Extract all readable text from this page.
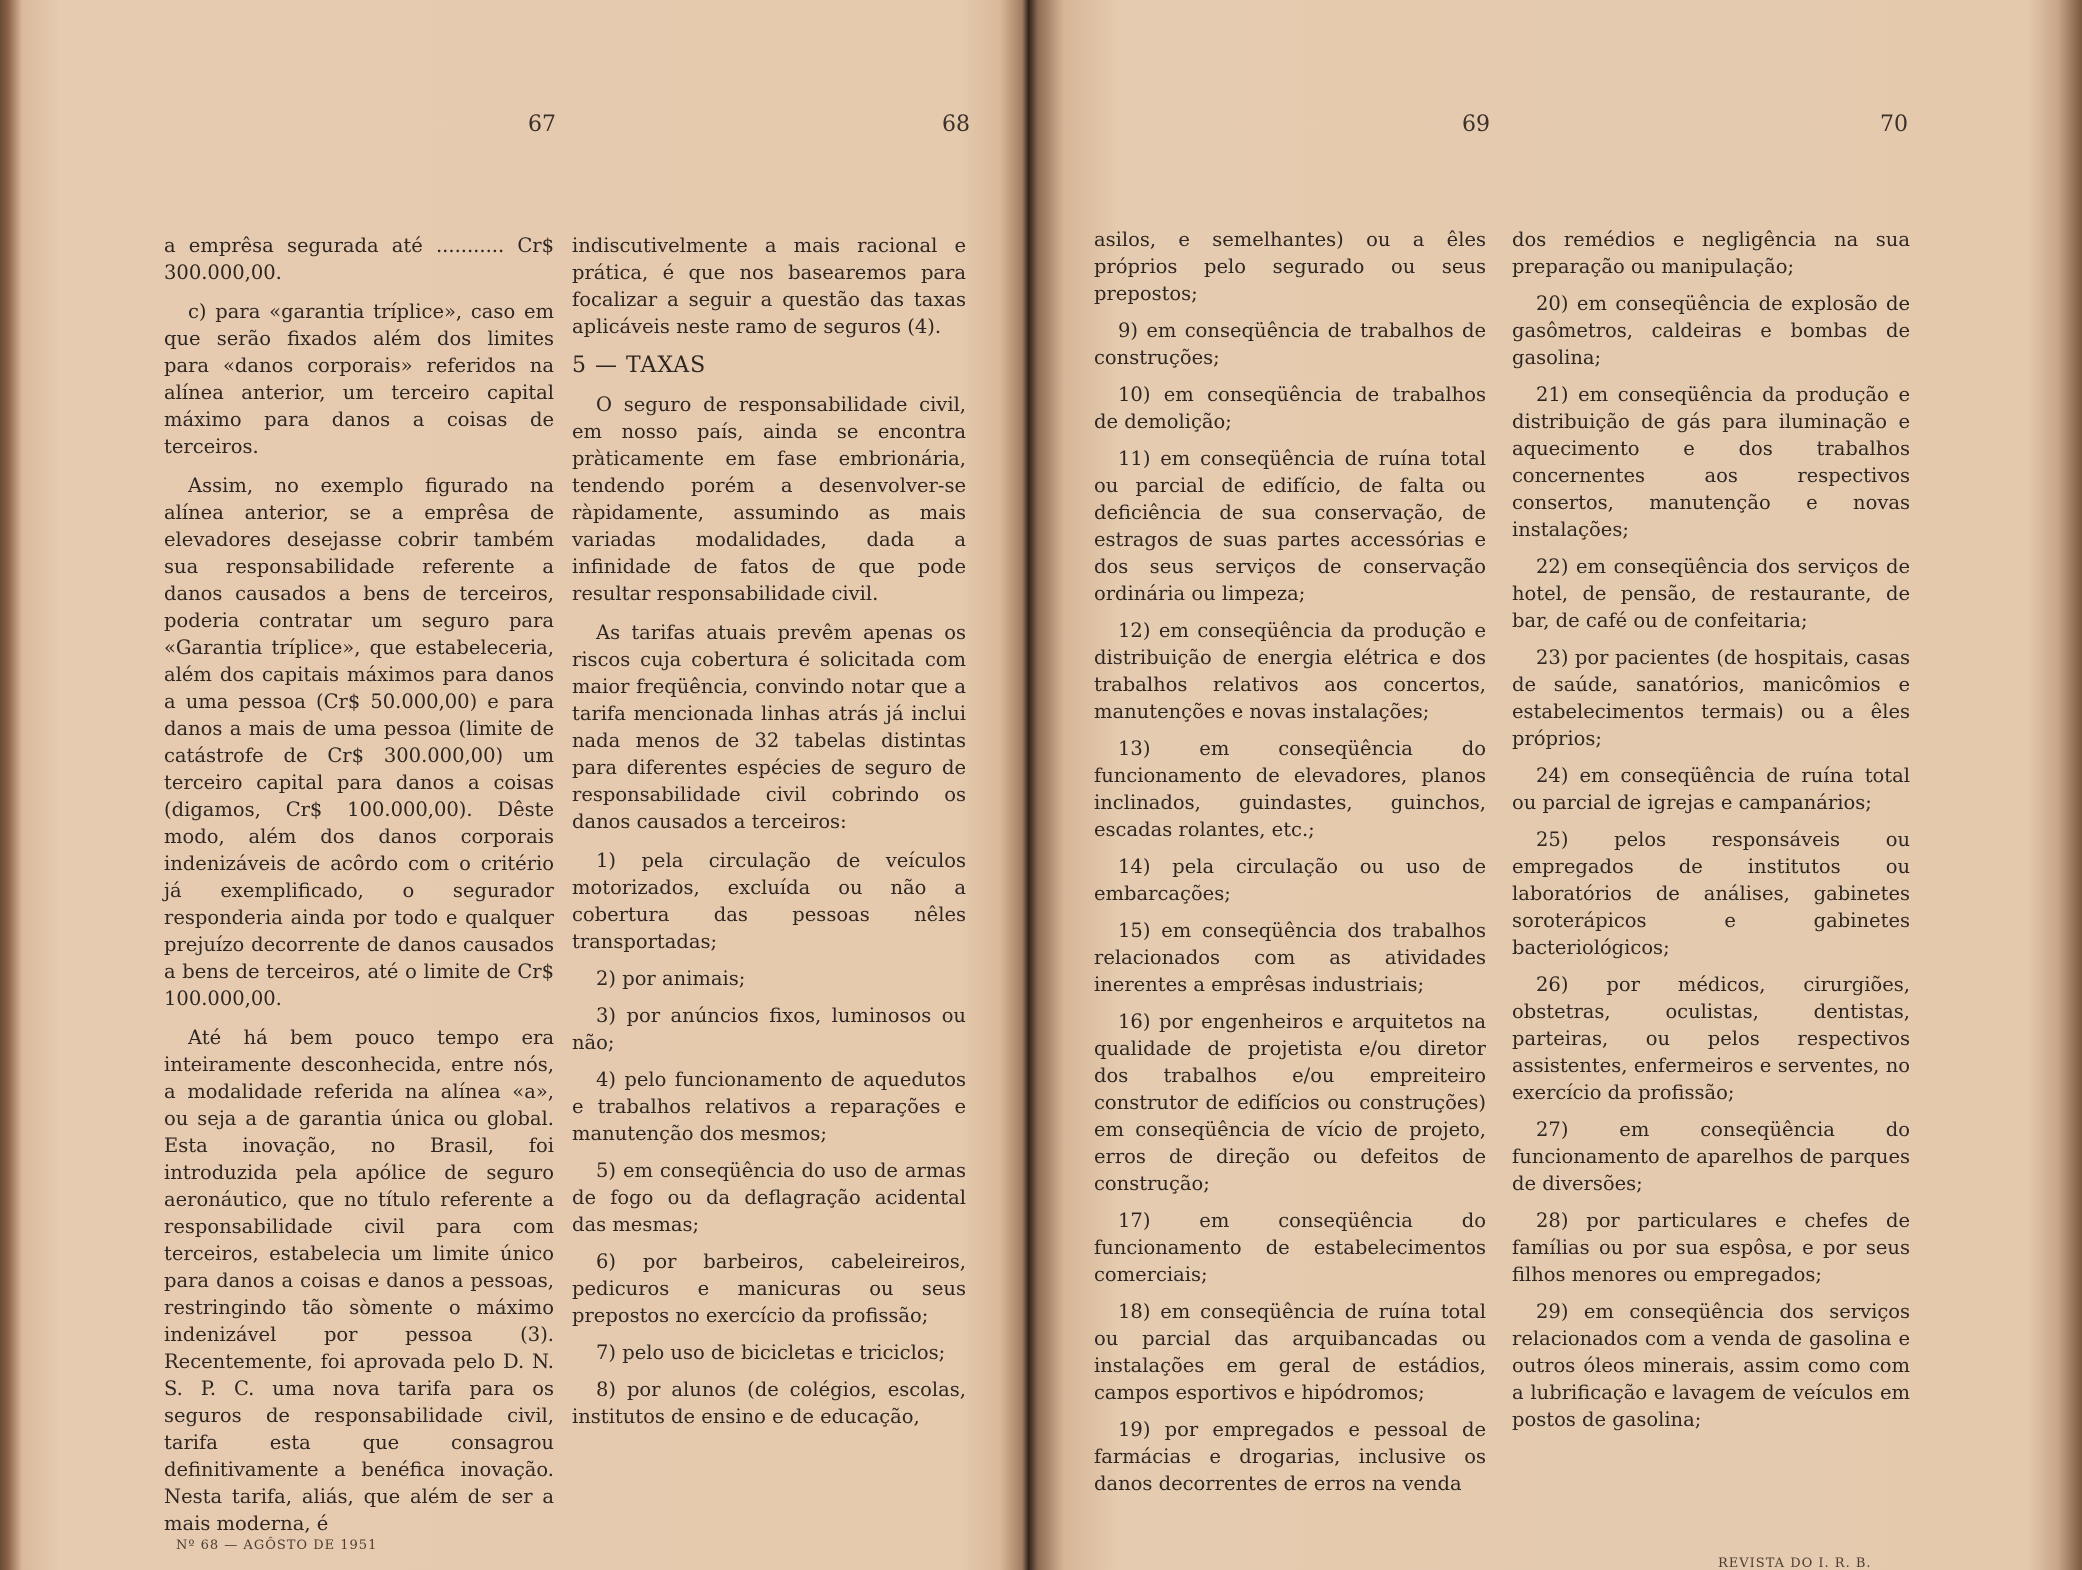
67	68

a emprêsa segurada até ........... Cr$ 300.000,00.

c) para «garantia tríplice», caso em que serão fixados além dos limites para «danos corporais» referidos na alínea anterior, um terceiro capital máximo para danos a coisas de terceiros.

Assim, no exemplo figurado na alínea anterior, se a emprêsa de elevadores desejasse cobrir também sua responsabilidade referente a danos causados a bens de terceiros, poderia contratar um seguro para «Garantia tríplice», que estabeleceria, além dos capitais máximos para danos a uma pessoa (Cr$ 50.000,00) e para danos a mais de uma pessoa (limite de catástrofe de Cr$ 300.000,00) um terceiro capital para danos a coisas (digamos, Cr$ 100.000,00). Dêste modo, além dos danos corporais indenizáveis de acôrdo com o critério já exemplificado, o segurador responderia ainda por todo e qualquer prejuízo decorrente de danos causados a bens de terceiros, até o limite de Cr$ 100.000,00.

Até há bem pouco tempo era inteiramente desconhecida, entre nós, a modalidade referida na alínea «a», ou seja a de garantia única ou global. Esta inovação, no Brasil, foi introduzida pela apólice de seguro aeronáutico, que no título referente a responsabilidade civil para com terceiros, estabelecia um limite único para danos a coisas e danos a pessoas, restringindo tão sòmente o máximo indenizável por pessoa (3). Recentemente, foi aprovada pelo D. N. S. P. C. uma nova tarifa para os seguros de responsabilidade civil, tarifa esta que consagrou definitivamente a benéfica inovação. Nesta tarifa, aliás, que além de ser a mais moderna, é

indiscutivelmente a mais racional e prática, é que nos basearemos para focalizar a seguir a questão das taxas aplicáveis neste ramo de seguros (4).

5 — TAXAS

O seguro de responsabilidade civil, em nosso país, ainda se encontra pràticamente em fase embrionária, tendendo porém a desenvolver-se ràpidamente, assumindo as mais variadas modalidades, dada a infinidade de fatos de que pode resultar responsabilidade civil.

As tarifas atuais prevêm apenas os riscos cuja cobertura é solicitada com maior freqüência, convindo notar que a tarifa mencionada linhas atrás já inclui nada menos de 32 tabelas distintas para diferentes espécies de seguro de responsabilidade civil cobrindo os danos causados a terceiros:

1) pela circulação de veículos motorizados, excluída ou não a cobertura das pessoas nêles transportadas;

2) por animais;

3) por anúncios fixos, luminosos ou não;

4) pelo funcionamento de aquedutos e trabalhos relativos a reparações e manutenção dos mesmos;

5) em conseqüência do uso de armas de fogo ou da deflagração acidental das mesmas;

6) por barbeiros, cabeleireiros, pedicuros e manicuras ou seus prepostos no exercício da profissão;

7) pelo uso de bicicletas e triciclos;

8) por alunos (de colégios, escolas, institutos de ensino e de educação,

Nº 68 — AGÔSTO DE 1951
69	70

asilos, e semelhantes) ou a êles próprios pelo segurado ou seus prepostos;

9) em conseqüência de trabalhos de construções;

10) em conseqüência de trabalhos de demolição;

11) em conseqüência de ruína total ou parcial de edifício, de falta ou deficiência de sua conservação, de estragos de suas partes accessórias e dos seus serviços de conservação ordinária ou limpeza;

12) em conseqüência da produção e distribuição de energia elétrica e dos trabalhos relativos aos concertos, manutenções e novas instalações;

13) em conseqüência do funcionamento de elevadores, planos inclinados, guindastes, guinchos, escadas rolantes, etc.;

14) pela circulação ou uso de embarcações;

15) em conseqüência dos trabalhos relacionados com as atividades inerentes a emprêsas industriais;

16) por engenheiros e arquitetos na qualidade de projetista e/ou diretor dos trabalhos e/ou empreiteiro construtor de edifícios ou construções) em conseqüência de vício de projeto, erros de direção ou defeitos de construção;

17) em conseqüência do funcionamento de estabelecimentos comerciais;

18) em conseqüência de ruína total ou parcial das arquibancadas ou instalações em geral de estádios, campos esportivos e hipódromos;

19) por empregados e pessoal de farmácias e drogarias, inclusive os danos decorrentes de erros na venda

dos remédios e negligência na sua preparação ou manipulação;

20) em conseqüência de explosão de gasômetros, caldeiras e bombas de gasolina;

21) em conseqüência da produção e distribuição de gás para iluminação e aquecimento e dos trabalhos concernentes aos respectivos consertos, manutenção e novas instalações;

22) em conseqüência dos serviços de hotel, de pensão, de restaurante, de bar, de café ou de confeitaria;

23) por pacientes (de hospitais, casas de saúde, sanatórios, manicômios e estabelecimentos termais) ou a êles próprios;

24) em conseqüência de ruína total ou parcial de igrejas e campanários;

25) pelos responsáveis ou empregados de institutos ou laboratórios de análises, gabinetes soroterápicos e gabinetes bacteriológicos;

26) por médicos, cirurgiões, obstetras, oculistas, dentistas, parteiras, ou pelos respectivos assistentes, enfermeiros e serventes, no exercício da profissão;

27) em conseqüência do funcionamento de aparelhos de parques de diversões;

28) por particulares e chefes de famílias ou por sua espôsa, e por seus filhos menores ou empregados;

29) em conseqüência dos serviços relacionados com a venda de gasolina e outros óleos minerais, assim como com a lubrificação e lavagem de veículos em postos de gasolina;

REVISTA DO I. R. B.
